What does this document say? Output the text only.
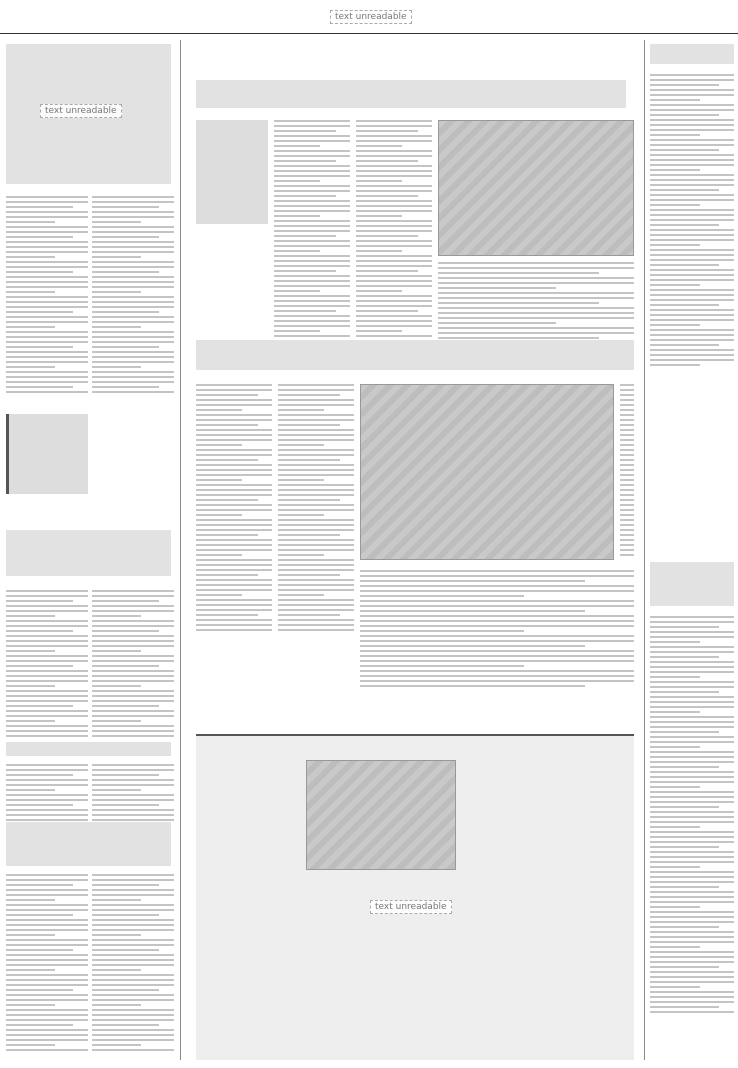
text unreadable
text unreadable
text unreadable
